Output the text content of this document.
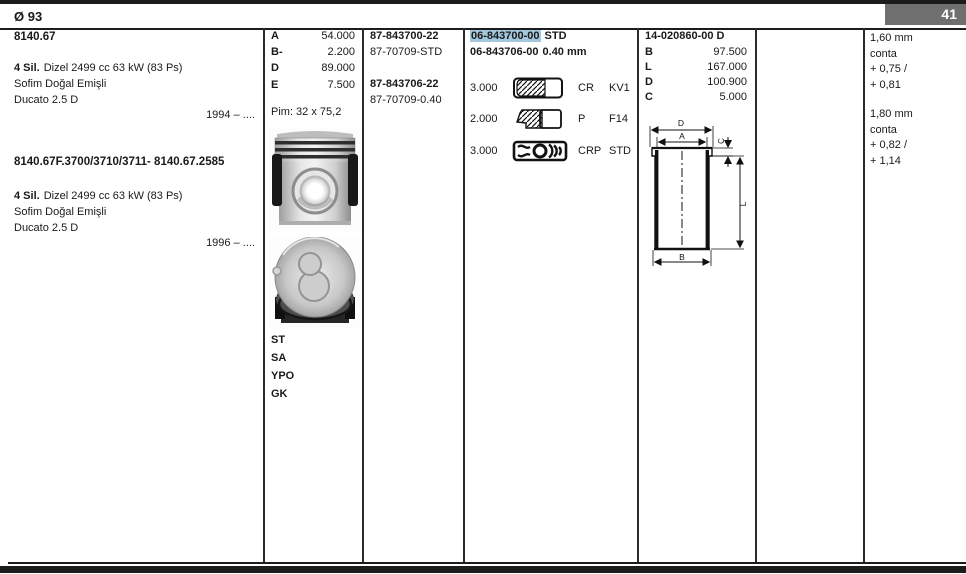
Ø 93	41
8140.67
4 Sil. Dizel 2499 cc 63 kW (83 Ps)
Sofim Doğal Emişli
Ducato 2.5 D
1994 – ....
8140.67F.3700/3710/3711- 8140.67.2585
4 Sil. Dizel 2499 cc 63 kW (83 Ps)
Sofim Doğal Emişli
Ducato 2.5 D
1996 – ....
A	54.000
B-	2.200
D	89.000
E	7.500
Pim: 32 x 75,2
ST
SA
YPO
GK
87-843700-22
87-70709-STD
87-843706-22
87-70709-0.40
06-843700-00 STD
06-843706-00 0.40 mm
3.000	CR KV1
2.000	P F14
3.000	CRP STD
14-020860-00 D
B	97.500
L	167.000
D	100.900
C	5.000
D
A	C
L
B
1,60 mm
conta
+ 0,75 /
+ 0,81
1,80 mm
conta
+ 0,82 /
+ 1,14
